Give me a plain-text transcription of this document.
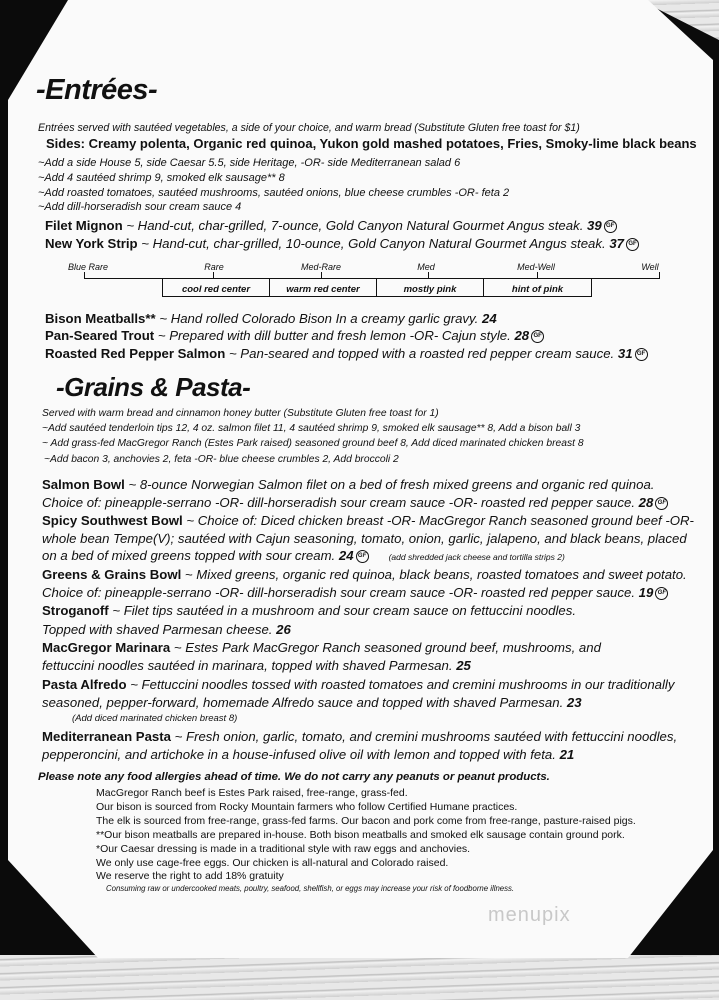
-Entrées-
Entrées served with sautéed vegetables, a side of your choice, and warm bread (Substitute Gluten free toast for $1)
Sides: Creamy polenta, Organic red quinoa, Yukon gold mashed potatoes, Fries, Smoky-lime black beans
~Add a side House 5, side Caesar 5.5, side Heritage, -OR- side Mediterranean salad 6
~Add 4 sautéed shrimp 9, smoked elk sausage** 8
~Add roasted tomatoes, sautéed mushrooms, sautéed onions, blue cheese crumbles -OR- feta 2
~Add dill-horseradish sour cream sauce 4
Filet Mignon ~ Hand-cut, char-grilled, 7-ounce, Gold Canyon Natural Gourmet Angus steak. 39 GF
New York Strip ~ Hand-cut, char-grilled, 10-ounce, Gold Canyon Natural Gourmet Angus steak. 37 GF
Blue Rare	Rare	Med-Rare	Med	Med-Well	Well
cool red center	warm red center	mostly pink	hint of pink
Bison Meatballs** ~ Hand rolled Colorado Bison In a creamy garlic gravy. 24
Pan-Seared Trout ~ Prepared with dill butter and fresh lemon -OR- Cajun style. 28 GF
Roasted Red Pepper Salmon ~ Pan-seared and topped with a roasted red pepper cream sauce. 31 GF
-Grains & Pasta-
Served with warm bread and cinnamon honey butter (Substitute Gluten free toast for 1)
~Add sautéed tenderloin tips 12, 4 oz. salmon filet 11, 4 sautéed shrimp 9, smoked elk sausage** 8, Add a bison ball 3
~ Add grass-fed MacGregor Ranch (Estes Park raised) seasoned ground beef 8, Add diced marinated chicken breast 8
~Add bacon 3, anchovies 2, feta -OR- blue cheese crumbles 2, Add broccoli 2
Salmon Bowl ~ 8-ounce Norwegian Salmon filet on a bed of fresh mixed greens and organic red quinoa.
Choice of: pineapple-serrano -OR- dill-horseradish sour cream sauce -OR- roasted red pepper sauce. 28 GF
Spicy Southwest Bowl ~ Choice of: Diced chicken breast -OR- MacGregor Ranch seasoned ground beef -OR-
whole bean Tempe(V); sautéed with Cajun seasoning, tomato, onion, garlic, jalapeno, and black beans, placed
on a bed of mixed greens topped with sour cream. 24 GF	(add shredded jack cheese and tortilla strips 2)
Greens & Grains Bowl ~ Mixed greens, organic red quinoa, black beans, roasted tomatoes and sweet potato.
Choice of: pineapple-serrano -OR- dill-horseradish sour cream sauce -OR- roasted red pepper sauce. 19 GF
Stroganoff ~ Filet tips sautéed in a mushroom and sour cream sauce on fettuccini noodles.
Topped with shaved Parmesan cheese. 26
MacGregor Marinara ~ Estes Park MacGregor Ranch seasoned ground beef, mushrooms, and
fettuccini noodles sautéed in marinara, topped with shaved Parmesan. 25
Pasta Alfredo ~ Fettuccini noodles tossed with roasted tomatoes and cremini mushrooms in our traditionally
seasoned, pepper-forward, homemade Alfredo sauce and topped with shaved Parmesan. 23
(Add diced marinated chicken breast 8)
Mediterranean Pasta ~ Fresh onion, garlic, tomato, and cremini mushrooms sautéed with fettuccini noodles,
pepperoncini, and artichoke in a house-infused olive oil with lemon and topped with feta. 21
Please note any food allergies ahead of time. We do not carry any peanuts or peanut products.
MacGregor Ranch beef is Estes Park raised, free-range, grass-fed.
Our bison is sourced from Rocky Mountain farmers who follow Certified Humane practices.
The elk is sourced from free-range, grass-fed farms. Our bacon and pork come from free-range, pasture-raised pigs.
**Our bison meatballs are prepared in-house. Both bison meatballs and smoked elk sausage contain ground pork.
*Our Caesar dressing is made in a traditional style with raw eggs and anchovies.
We only use cage-free eggs. Our chicken is all-natural and Colorado raised.
We reserve the right to add 18% gratuity
Consuming raw or undercooked meats, poultry, seafood, shellfish, or eggs may increase your risk of foodborne illness.
menupix
